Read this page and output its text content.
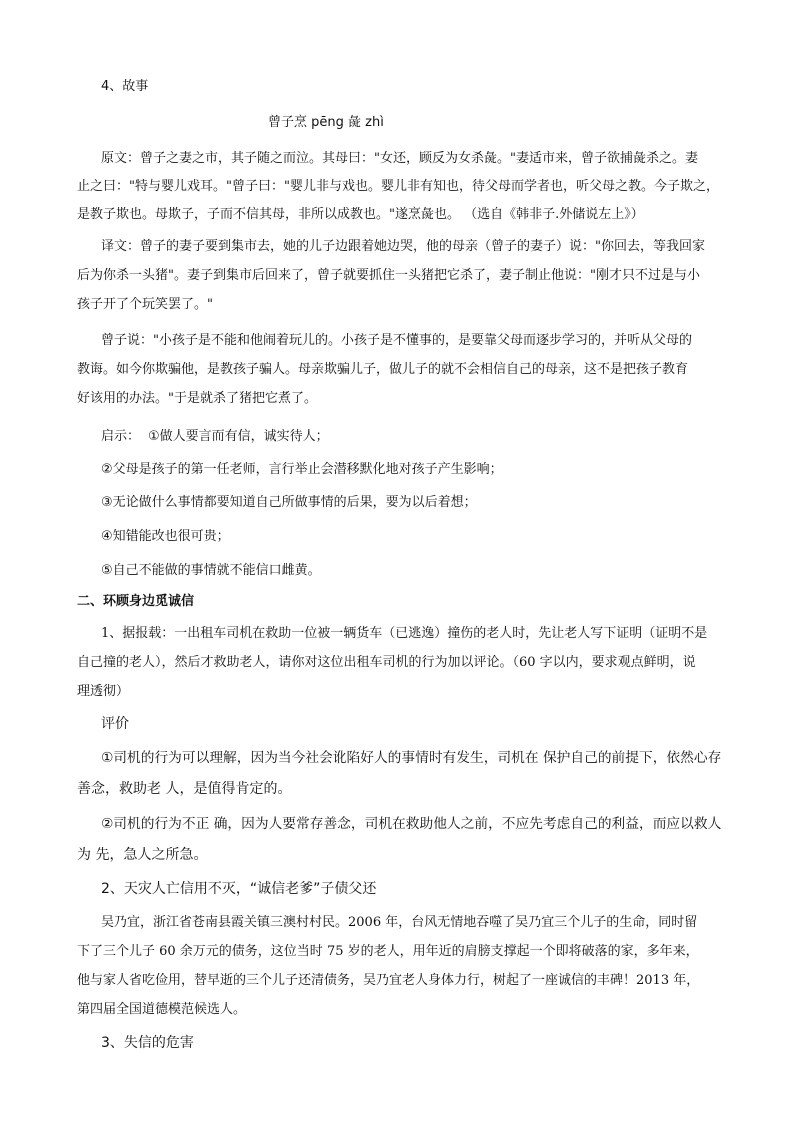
4、故事
曾子烹 pēng 彘 zhì
原文：曾子之妻之市，其子随之而泣。其母曰："女还，顾反为女杀彘。"妻适市来，曾子欲捕彘杀之。妻
止之曰："特与婴儿戏耳。"曾子曰："婴儿非与戏也。婴儿非有知也，待父母而学者也，听父母之教。今子欺之，
是教子欺也。母欺子，子而不信其母，非所以成教也。"遂烹彘也。 （选自《韩非子.外储说左上》）
译文：曾子的妻子要到集市去，她的儿子边跟着她边哭，他的母亲（曾子的妻子）说："你回去，等我回家
后为你杀一头猪"。妻子到集市后回来了，曾子就要抓住一头猪把它杀了，妻子制止他说："刚才只不过是与小
孩子开了个玩笑罢了。"
曾子说："小孩子是不能和他闹着玩儿的。小孩子是不懂事的，是要靠父母而逐步学习的，并听从父母的
教诲。如今你欺骗他，是教孩子骗人。母亲欺骗儿子，做儿子的就不会相信自己的母亲，这不是把孩子教育
好该用的办法。"于是就杀了猪把它煮了。
启示： ①做人要言而有信，诚实待人；
②父母是孩子的第一任老师，言行举止会潜移默化地对孩子产生影响；
③无论做什么事情都要知道自己所做事情的后果，要为以后着想；
④知错能改也很可贵；
⑤自己不能做的事情就不能信口雌黄。
二、环顾身边觅诚信
1、据报载：一出租车司机在救助一位被一辆货车（已逃逸）撞伤的老人时，先让老人写下证明（证明不是
自己撞的老人），然后才救助老人，请你对这位出租车司机的行为加以评论。（60 字以内，要求观点鲜明，说
理透彻）
评价
①司机的行为可以理解，因为当今社会讹陷好人的事情时有发生，司机在 保护自己的前提下，依然心存
善念，救助老 人，是值得肯定的。
②司机的行为不正 确，因为人要常存善念，司机在救助他人之前，不应先考虑自己的利益，而应以救人
为 先，急人之所急。
2、天灾人亡信用不灭，“诚信老爹”子债父还
吴乃宜，浙江省苍南县霞关镇三澳村村民。2006 年，台风无情地吞噬了吴乃宜三个儿子的生命，同时留
下了三个儿子 60 余万元的债务，这位当时 75 岁的老人，用年近的肩膀支撑起一个即将破落的家，多年来，
他与家人省吃俭用，替早逝的三个儿子还清债务，吴乃宜老人身体力行，树起了一座诚信的丰碑！2013 年，
第四届全国道德模范候选人。
3、失信的危害
